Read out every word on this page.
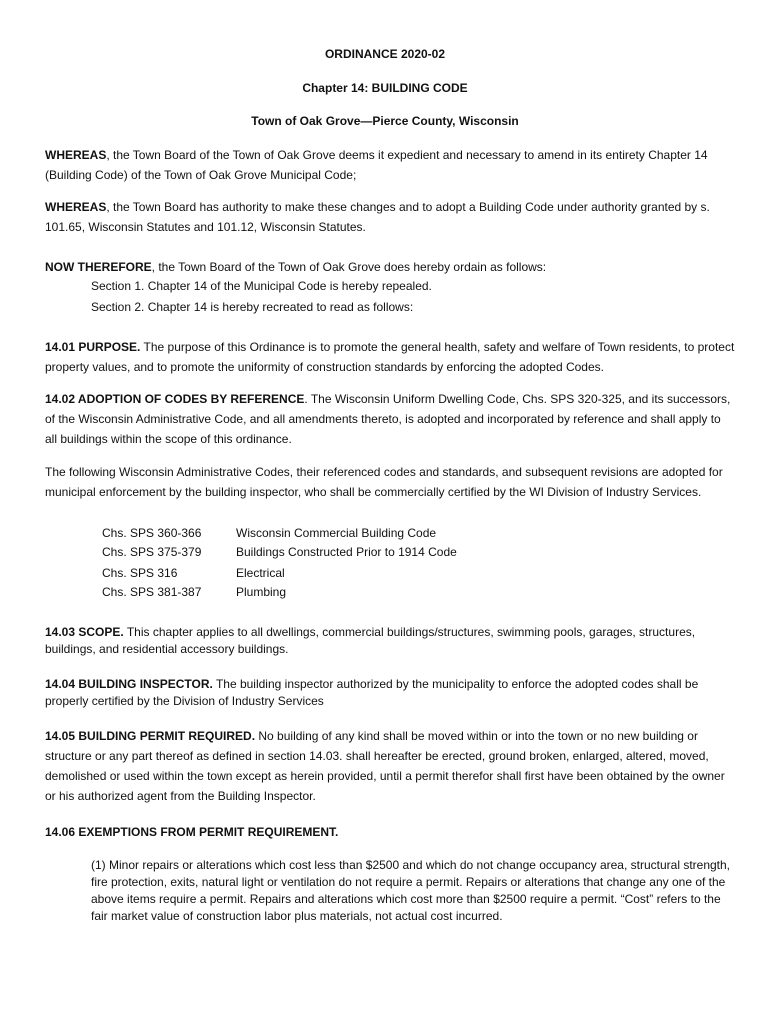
ORDINANCE 2020-02
Chapter 14: BUILDING CODE
Town of Oak Grove—Pierce County, Wisconsin
WHEREAS, the Town Board of the Town of Oak Grove deems it expedient and necessary to amend in its entirety Chapter 14 (Building Code) of the Town of Oak Grove Municipal Code;
WHEREAS, the Town Board has authority to make these changes and to adopt a Building Code under authority granted by s. 101.65, Wisconsin Statutes and 101.12, Wisconsin Statutes.
NOW THEREFORE, the Town Board of the Town of Oak Grove does hereby ordain as follows:
Section 1. Chapter 14 of the Municipal Code is hereby repealed.
Section 2. Chapter 14 is hereby recreated to read as follows:
14.01 PURPOSE. The purpose of this Ordinance is to promote the general health, safety and welfare of Town residents, to protect property values, and to promote the uniformity of construction standards by enforcing the adopted Codes.
14.02 ADOPTION OF CODES BY REFERENCE. The Wisconsin Uniform Dwelling Code, Chs. SPS 320-325, and its successors, of the Wisconsin Administrative Code, and all amendments thereto, is adopted and incorporated by reference and shall apply to all buildings within the scope of this ordinance.
The following Wisconsin Administrative Codes, their referenced codes and standards, and subsequent revisions are adopted for municipal enforcement by the building inspector, who shall be commercially certified by the WI Division of Industry Services.
Chs. SPS 360-366	Wisconsin Commercial Building Code
Chs. SPS 375-379	Buildings Constructed Prior to 1914 Code
Chs. SPS 316	Electrical
Chs. SPS 381-387	Plumbing
14.03 SCOPE. This chapter applies to all dwellings, commercial buildings/structures, swimming pools, garages, structures, buildings, and residential accessory buildings.
14.04 BUILDING INSPECTOR. The building inspector authorized by the municipality to enforce the adopted codes shall be properly certified by the Division of Industry Services
14.05 BUILDING PERMIT REQUIRED. No building of any kind shall be moved within or into the town or no new building or structure or any part thereof as defined in section 14.03. shall hereafter be erected, ground broken, enlarged, altered, moved, demolished or used within the town except as herein provided, until a permit therefor shall first have been obtained by the owner or his authorized agent from the Building Inspector.
14.06 EXEMPTIONS FROM PERMIT REQUIREMENT.
(1) Minor repairs or alterations which cost less than $2500 and which do not change occupancy area, structural strength, fire protection, exits, natural light or ventilation do not require a permit. Repairs or alterations that change any one of the above items require a permit. Repairs and alterations which cost more than $2500 require a permit. “Cost” refers to the fair market value of construction labor plus materials, not actual cost incurred.
